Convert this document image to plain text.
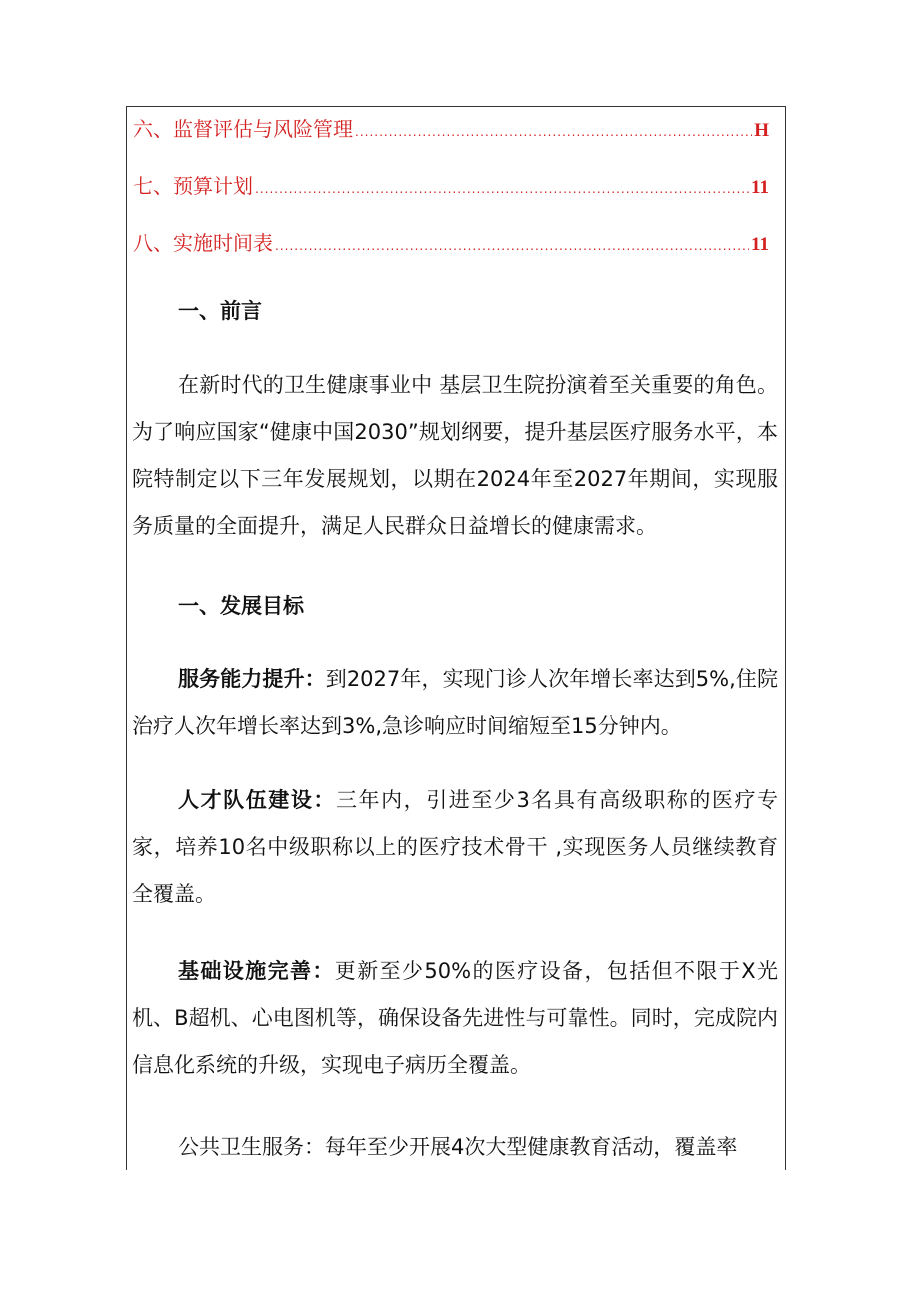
六、监督评估与风险管理 .....	H
七、预算计划 .....	11
八、实施时间表 .....	11
一、前言

在新时代的卫生健康事业中 基层卫生院扮演着至关重要的角色。为了响应国家“健康中国2030”规划纲要，提升基层医疗服务水平，本院特制定以下三年发展规划，以期在2024年至2027年期间，实现服务质量的全面提升，满足人民群众日益增长的健康需求。

一、发展目标

服务能力提升：到2027年，实现门诊人次年增长率达到5%,住院治疗人次年增长率达到3%,急诊响应时间缩短至15分钟内。

人才队伍建设：三年内，引进至少3名具有高级职称的医疗专家，培养10名中级职称以上的医疗技术骨干 ,实现医务人员继续教育全覆盖。

基础设施完善：更新至少50%的医疗设备，包括但不限于X光机、B超机、心电图机等，确保设备先进性与可靠性。同时，完成院内信息化系统的升级，实现电子病历全覆盖。

公共卫生服务：每年至少开展4次大型健康教育活动，覆盖率
